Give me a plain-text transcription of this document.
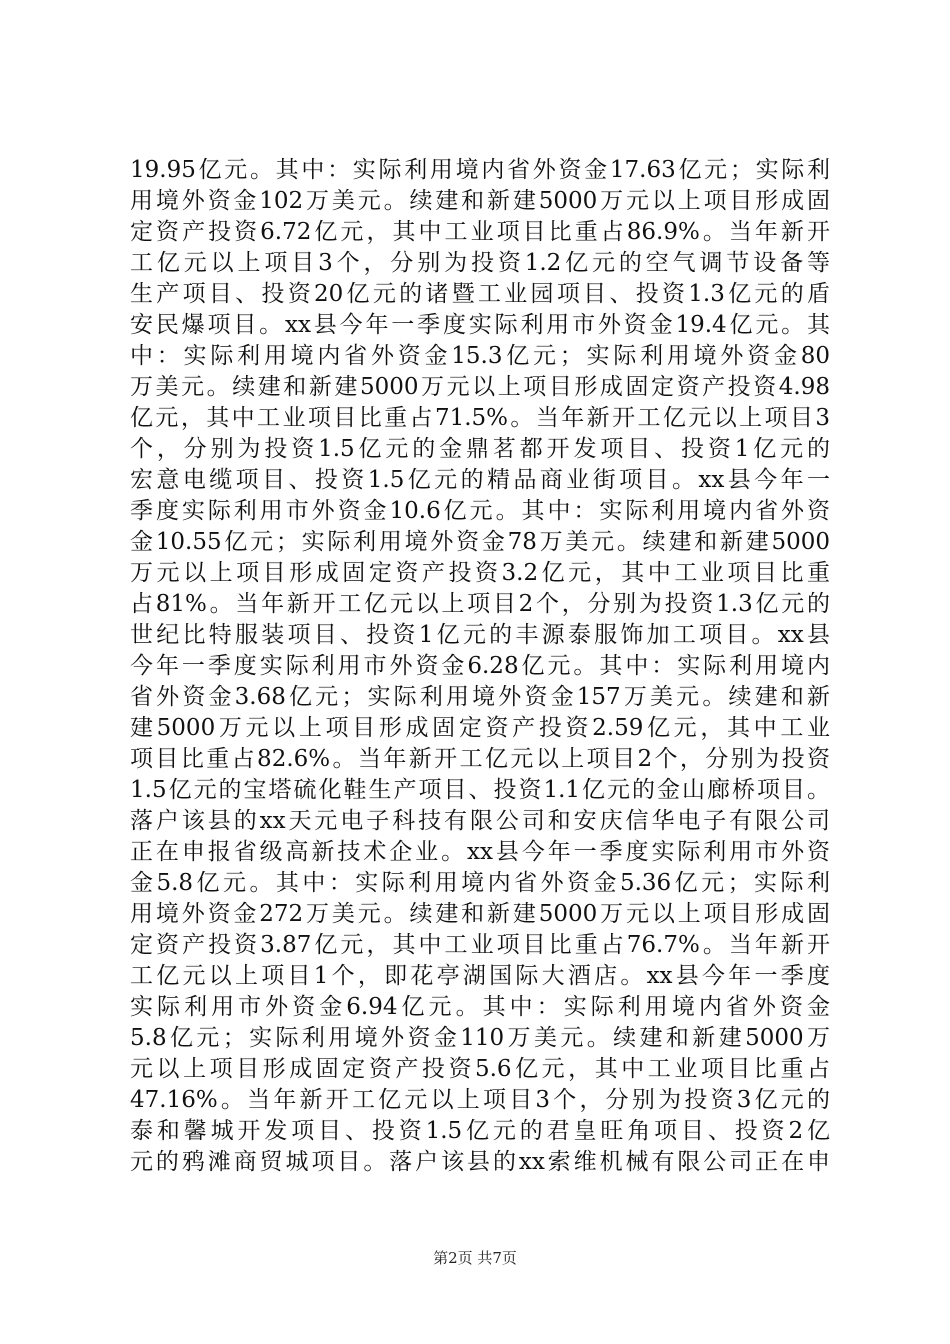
19.95亿元。其中：实际利用境内省外资金17.63亿元；实际利
用境外资金102万美元。续建和新建5000万元以上项目形成固
定资产投资6.72亿元，其中工业项目比重占86.9%。当年新开
工亿元以上项目3个，分别为投资1.2亿元的空气调节设备等
生产项目、投资20亿元的诸暨工业园项目、投资1.3亿元的盾
安民爆项目。xx县今年一季度实际利用市外资金19.4亿元。其
中：实际利用境内省外资金15.3亿元；实际利用境外资金80
万美元。续建和新建5000万元以上项目形成固定资产投资4.98
亿元，其中工业项目比重占71.5%。当年新开工亿元以上项目3
个，分别为投资1.5亿元的金鼎茗都开发项目、投资1亿元的
宏意电缆项目、投资1.5亿元的精品商业街项目。xx县今年一
季度实际利用市外资金10.6亿元。其中：实际利用境内省外资
金10.55亿元；实际利用境外资金78万美元。续建和新建5000
万元以上项目形成固定资产投资3.2亿元，其中工业项目比重
占81%。当年新开工亿元以上项目2个，分别为投资1.3亿元的
世纪比特服装项目、投资1亿元的丰源泰服饰加工项目。xx县
今年一季度实际利用市外资金6.28亿元。其中：实际利用境内
省外资金3.68亿元；实际利用境外资金157万美元。续建和新
建5000万元以上项目形成固定资产投资2.59亿元，其中工业
项目比重占82.6%。当年新开工亿元以上项目2个，分别为投资
1.5亿元的宝塔硫化鞋生产项目、投资1.1亿元的金山廊桥项目。
落户该县的xx天元电子科技有限公司和安庆信华电子有限公司
正在申报省级高新技术企业。xx县今年一季度实际利用市外资
金5.8亿元。其中：实际利用境内省外资金5.36亿元；实际利
用境外资金272万美元。续建和新建5000万元以上项目形成固
定资产投资3.87亿元，其中工业项目比重占76.7%。当年新开
工亿元以上项目1个，即花亭湖国际大酒店。xx县今年一季度
实际利用市外资金6.94亿元。其中：实际利用境内省外资金
5.8亿元；实际利用境外资金110万美元。续建和新建5000万
元以上项目形成固定资产投资5.6亿元，其中工业项目比重占
47.16%。当年新开工亿元以上项目3个，分别为投资3亿元的
泰和馨城开发项目、投资1.5亿元的君皇旺角项目、投资2亿
元的鸦滩商贸城项目。落户该县的xx索维机械有限公司正在申
第2页 共7页
